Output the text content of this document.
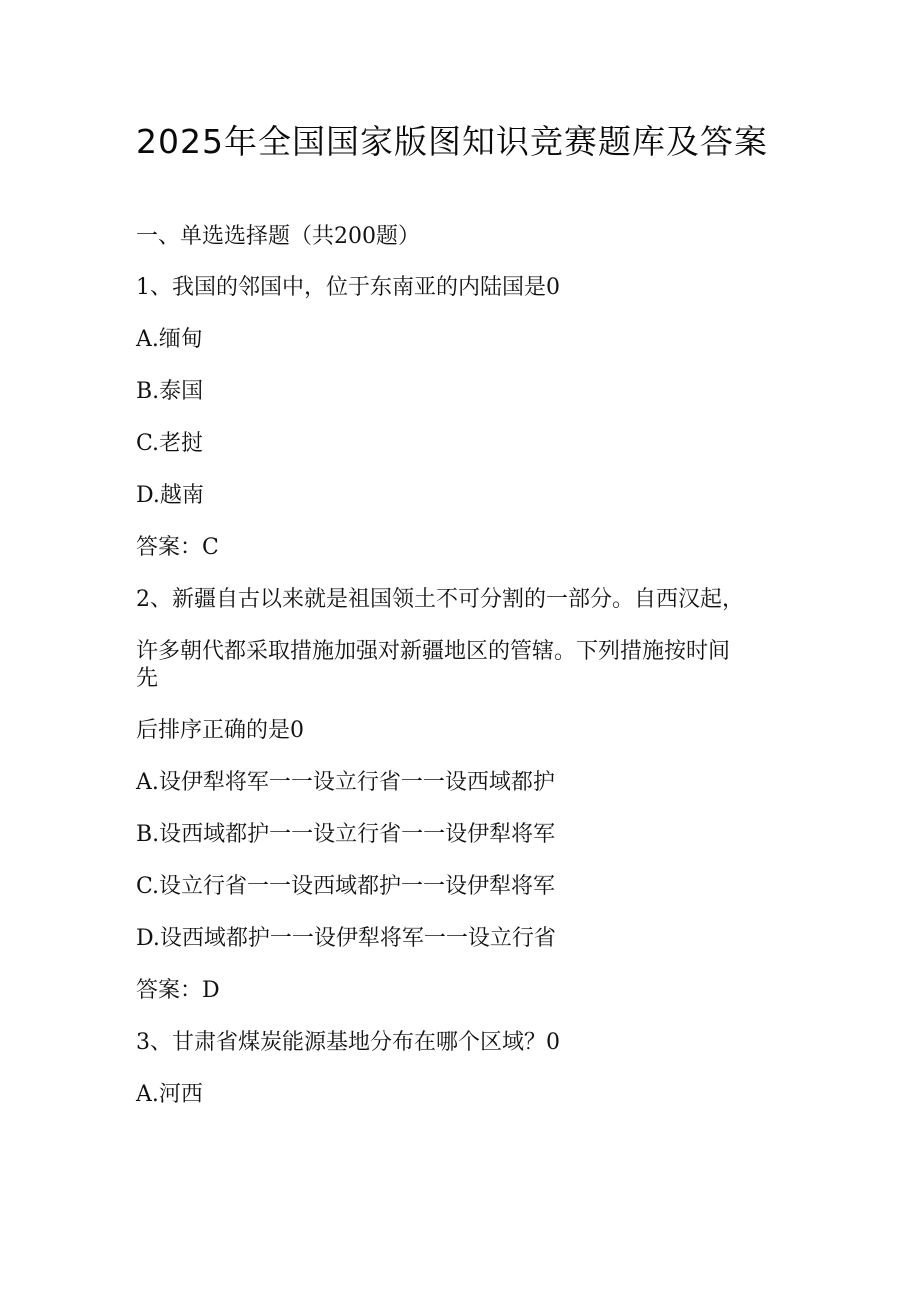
2025年全国国家版图知识竞赛题库及答案
一、单选选择题（共200题）
1、我国的邻国中，位于东南亚的内陆国是0
A.缅甸
B.泰国
C.老挝
D.越南
答案：C
2、新疆自古以来就是祖国领土不可分割的一部分。自西汉起，
许多朝代都采取措施加强对新疆地区的管辖。下列措施按时间
先
后排序正确的是0
A.设伊犁将军一一设立行省一一设西域都护
B.设西域都护一一设立行省一一设伊犁将军
C.设立行省一一设西域都护一一设伊犁将军
D.设西域都护一一设伊犁将军一一设立行省
答案：D
3、甘肃省煤炭能源基地分布在哪个区域？0
A.河西
